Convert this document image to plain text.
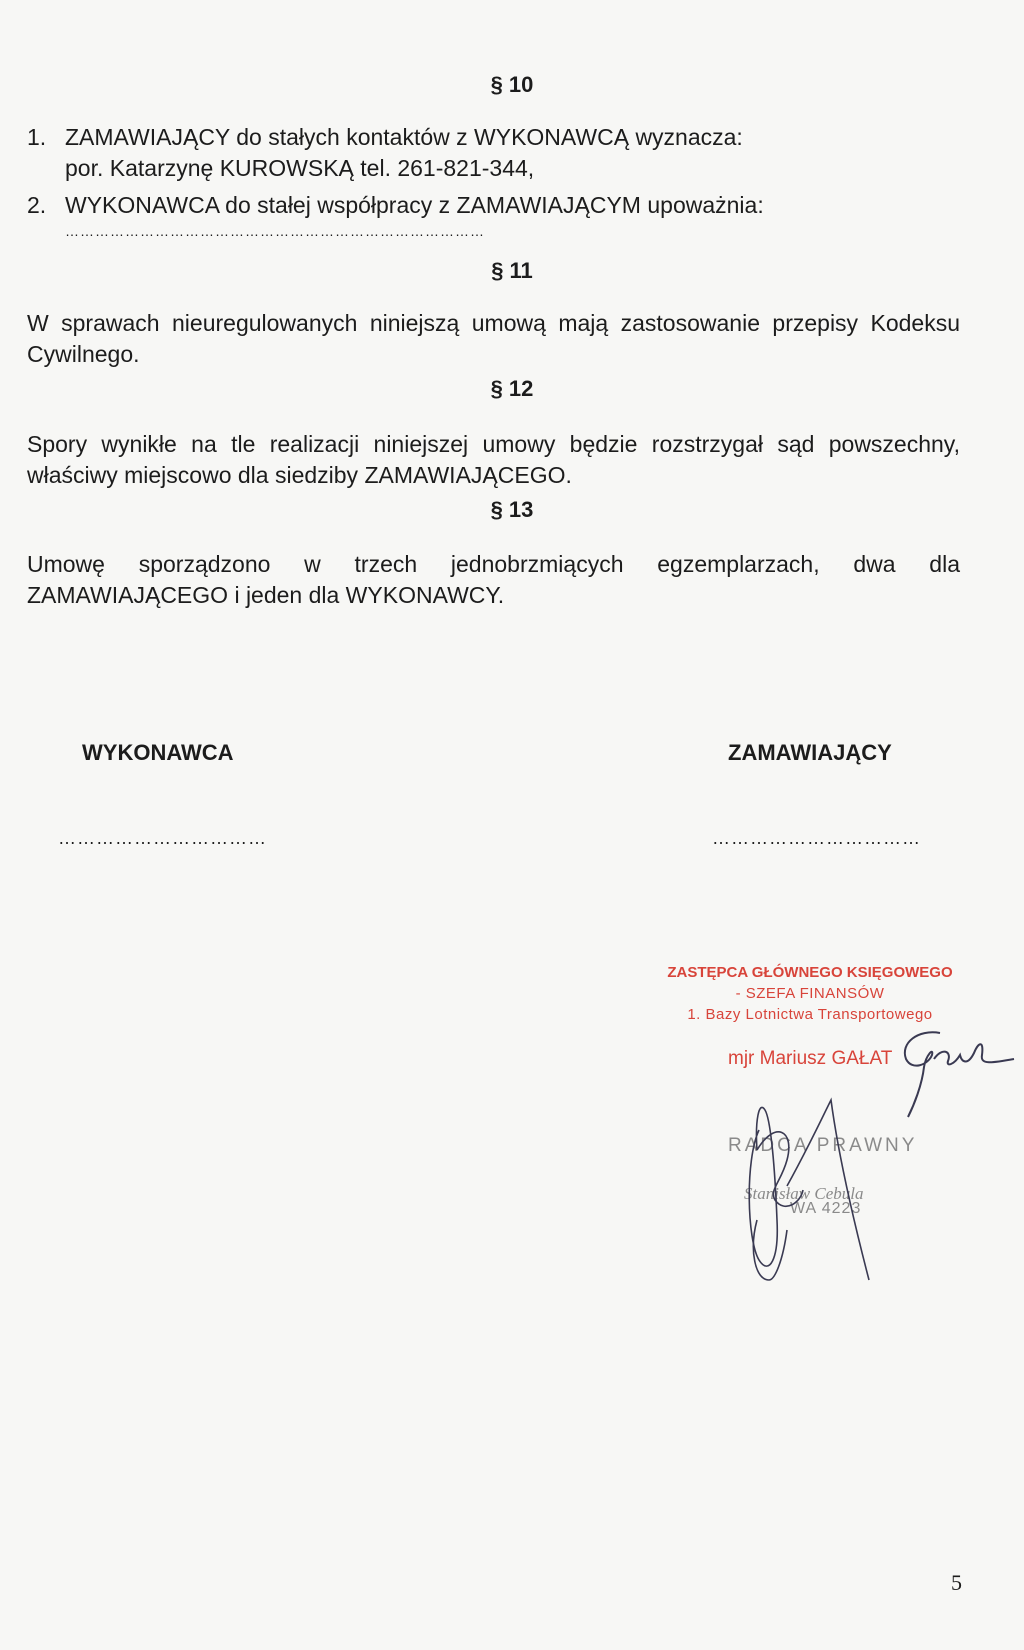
§ 10
1. ZAMAWIAJĄCY do stałych kontaktów z WYKONAWCĄ wyznacza:
por. Katarzynę KUROWSKĄ tel. 261-821-344,
2. WYKONAWCA do stałej współpracy z ZAMAWIAJĄCYM upoważnia:
…………………………………………………………………………
§ 11
W sprawach nieuregulowanych niniejszą umową mają zastosowanie przepisy Kodeksu Cywilnego.
§ 12
Spory wynikłe na tle realizacji niniejszej umowy będzie rozstrzygał sąd powszechny, właściwy miejscowo dla siedziby ZAMAWIAJĄCEGO.
§ 13
Umowę sporządzono w trzech jednobrzmiących egzemplarzach, dwa dla ZAMAWIAJĄCEGO i jeden dla WYKONAWCY.
WYKONAWCA	ZAMAWIAJĄCY
……………………………	……………………………
ZASTĘPCA GŁÓWNEGO KSIĘGOWEGO
- SZEFA FINANSÓW
1. Bazy Lotnictwa Transportowego
mjr Mariusz GAŁAT
RADCA PRAWNY
Stanisław Cebula
WA 4223
5
